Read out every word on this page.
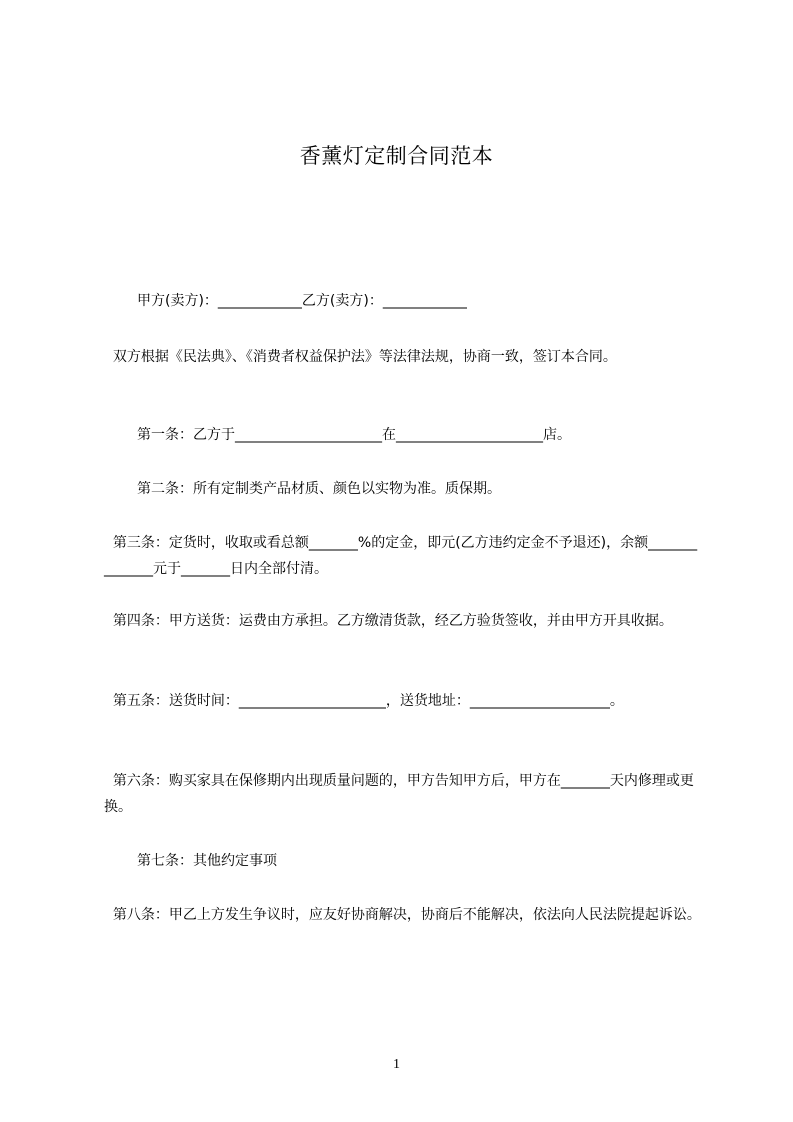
香薰灯定制合同范本
甲方(卖方)：____________乙方(卖方)：____________
双方根据《民法典》、《消费者权益保护法》等法律法规，协商一致，签订本合同。
第一条：乙方于_____________________在_____________________店。
第二条：所有定制类产品材质、颜色以实物为准。质保期。
第三条：定货时，收取或看总额_______%的定金，即元(乙方违约定金不予退还)，余额______________元于_______日内全部付清。
第四条：甲方送货：运费由方承担。乙方缴清货款，经乙方验货签收，并由甲方开具收据。
第五条：送货时间：_____________________，送货地址：____________________。
第六条：购买家具在保修期内出现质量问题的，甲方告知甲方后，甲方在_______天内修理或更换。
第七条：其他约定事项
第八条：甲乙上方发生争议时，应友好协商解决，协商后不能解决，依法向人民法院提起诉讼。
1
